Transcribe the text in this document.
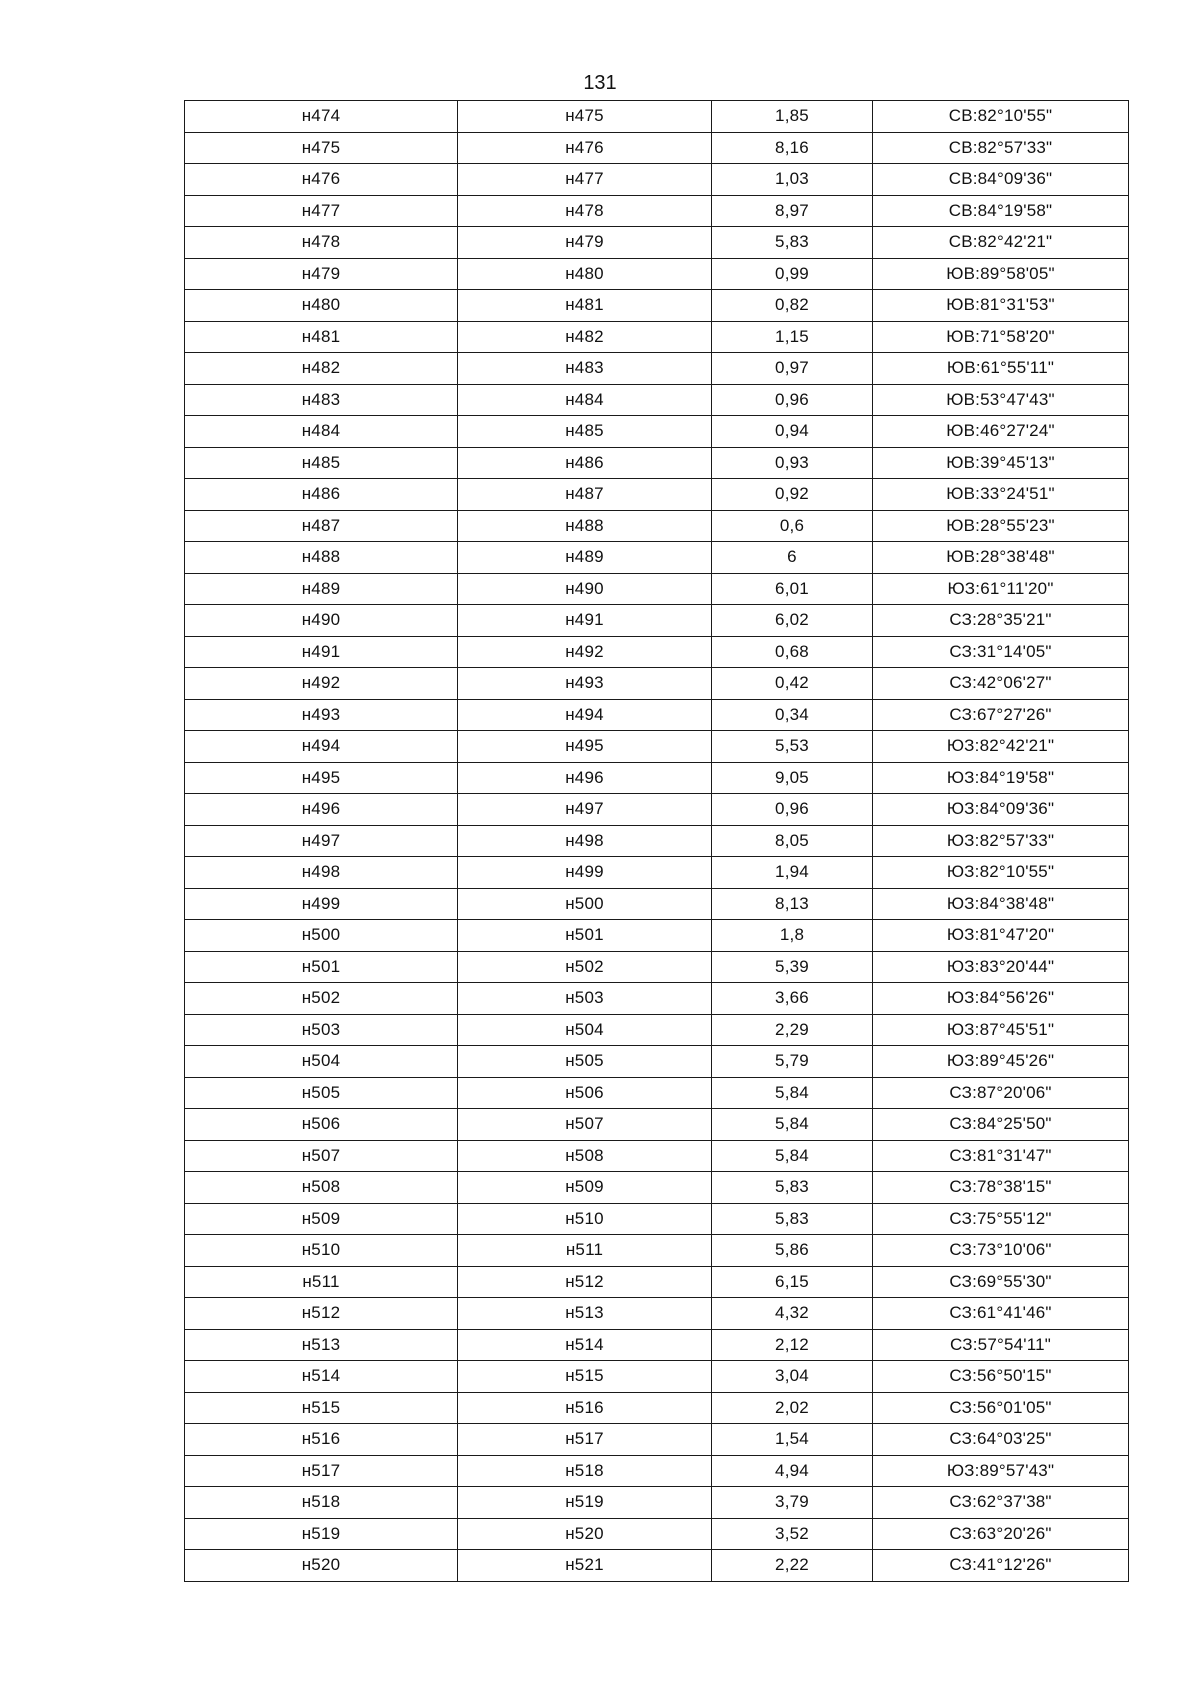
131
н474	н475	1,85	СВ:82°10'55"
н475	н476	8,16	СВ:82°57'33"
н476	н477	1,03	СВ:84°09'36"
н477	н478	8,97	СВ:84°19'58"
н478	н479	5,83	СВ:82°42'21"
н479	н480	0,99	ЮВ:89°58'05"
н480	н481	0,82	ЮВ:81°31'53"
н481	н482	1,15	ЮВ:71°58'20"
н482	н483	0,97	ЮВ:61°55'11"
н483	н484	0,96	ЮВ:53°47'43"
н484	н485	0,94	ЮВ:46°27'24"
н485	н486	0,93	ЮВ:39°45'13"
н486	н487	0,92	ЮВ:33°24'51"
н487	н488	0,6	ЮВ:28°55'23"
н488	н489	6	ЮВ:28°38'48"
н489	н490	6,01	ЮЗ:61°11'20"
н490	н491	6,02	СЗ:28°35'21"
н491	н492	0,68	СЗ:31°14'05"
н492	н493	0,42	СЗ:42°06'27"
н493	н494	0,34	СЗ:67°27'26"
н494	н495	5,53	ЮЗ:82°42'21"
н495	н496	9,05	ЮЗ:84°19'58"
н496	н497	0,96	ЮЗ:84°09'36"
н497	н498	8,05	ЮЗ:82°57'33"
н498	н499	1,94	ЮЗ:82°10'55"
н499	н500	8,13	ЮЗ:84°38'48"
н500	н501	1,8	ЮЗ:81°47'20"
н501	н502	5,39	ЮЗ:83°20'44"
н502	н503	3,66	ЮЗ:84°56'26"
н503	н504	2,29	ЮЗ:87°45'51"
н504	н505	5,79	ЮЗ:89°45'26"
н505	н506	5,84	СЗ:87°20'06"
н506	н507	5,84	СЗ:84°25'50"
н507	н508	5,84	СЗ:81°31'47"
н508	н509	5,83	СЗ:78°38'15"
н509	н510	5,83	СЗ:75°55'12"
н510	н511	5,86	СЗ:73°10'06"
н511	н512	6,15	СЗ:69°55'30"
н512	н513	4,32	СЗ:61°41'46"
н513	н514	2,12	СЗ:57°54'11"
н514	н515	3,04	СЗ:56°50'15"
н515	н516	2,02	СЗ:56°01'05"
н516	н517	1,54	СЗ:64°03'25"
н517	н518	4,94	ЮЗ:89°57'43"
н518	н519	3,79	СЗ:62°37'38"
н519	н520	3,52	СЗ:63°20'26"
н520	н521	2,22	СЗ:41°12'26"
